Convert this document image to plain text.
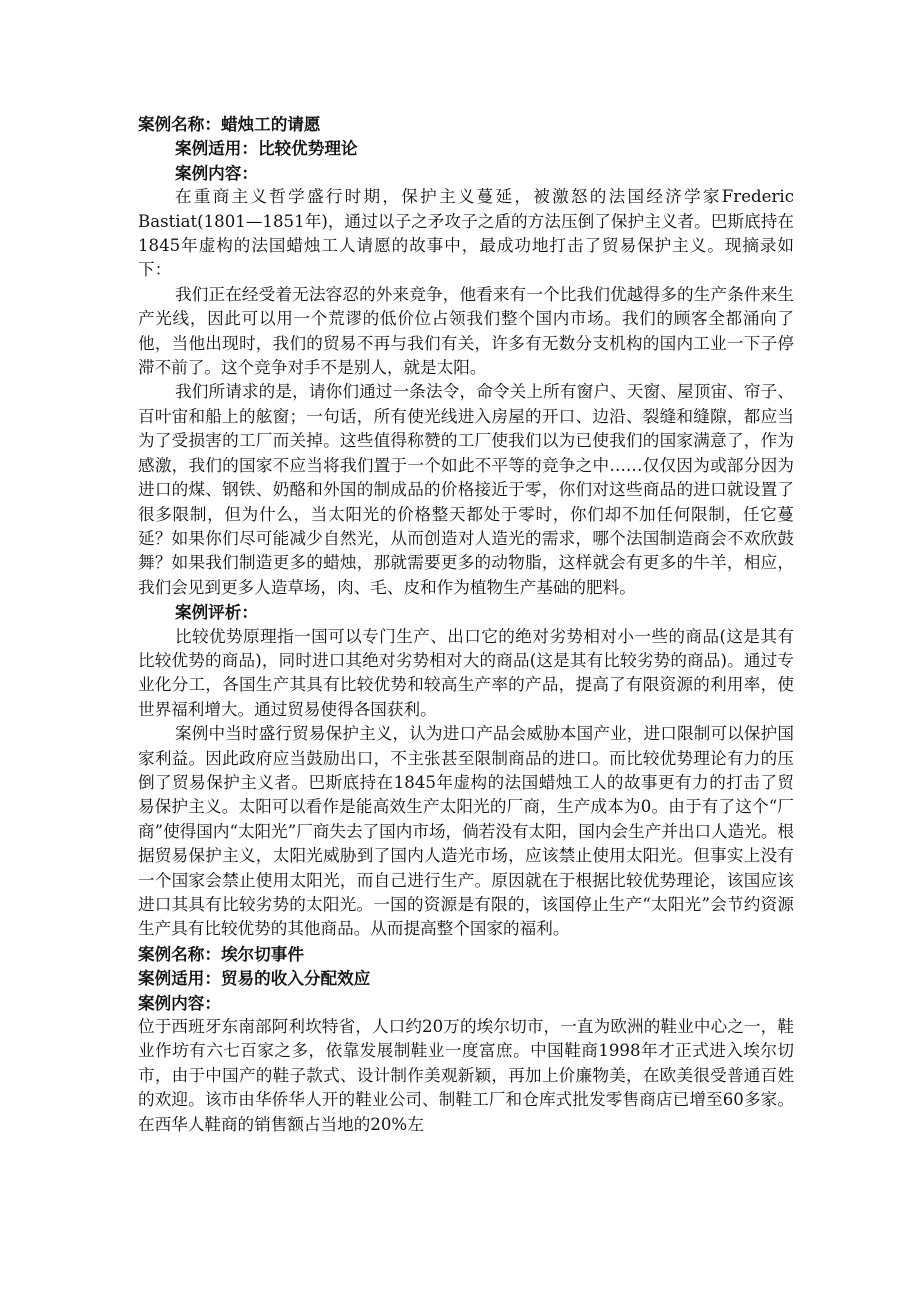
案例名称：蜡烛工的请愿
案例适用：比较优势理论
案例内容：

在重商主义哲学盛行时期，保护主义蔓延，被激怒的法国经济学家Frederic Bastiat(1801—1851年)，通过以子之矛攻子之盾的方法压倒了保护主义者。巴斯底持在1845年虚构的法国蜡烛工人请愿的故事中，最成功地打击了贸易保护主义。现摘录如下：

我们正在经受着无法容忍的外来竞争，他看来有一个比我们优越得多的生产条件来生产光线，因此可以用一个荒谬的低价位占领我们整个国内市场。我们的顾客全都涌向了他，当他出现时，我们的贸易不再与我们有关，许多有无数分支机构的国内工业一下子停滞不前了。这个竞争对手不是别人，就是太阳。

我们所请求的是，请你们通过一条法令，命令关上所有窗户、天窗、屋顶宙、帘子、百叶宙和船上的舷窗；一句话，所有使光线进入房屋的开口、边沿、裂缝和缝隙，都应当为了受损害的工厂而关掉。这些值得称赞的工厂使我们以为已使我们的国家满意了，作为感激，我们的国家不应当将我们置于一个如此不平等的竞争之中……仅仅因为或部分因为进口的煤、钢铁、奶酪和外国的制成品的价格接近于零，你们对这些商品的进口就设置了很多限制，但为什么，当太阳光的价格整天都处于零时，你们却不加任何限制，任它蔓延？如果你们尽可能减少自然光，从而创造对人造光的需求，哪个法国制造商会不欢欣鼓舞？如果我们制造更多的蜡烛，那就需要更多的动物脂，这样就会有更多的牛羊，相应，我们会见到更多人造草场，肉、毛、皮和作为植物生产基础的肥料。

案例评析：

比较优势原理指一国可以专门生产、出口它的绝对劣势相对小一些的商品(这是其有比较优势的商品)，同时进口其绝对劣势相对大的商品(这是其有比较劣势的商品)。通过专业化分工，各国生产其具有比较优势和较高生产率的产品，提高了有限资源的利用率，使世界福利增大。通过贸易使得各国获利。

案例中当时盛行贸易保护主义，认为进口产品会威胁本国产业，进口限制可以保护国家利益。因此政府应当鼓励出口，不主张甚至限制商品的进口。而比较优势理论有力的压倒了贸易保护主义者。巴斯底持在1845年虚构的法国蜡烛工人的故事更有力的打击了贸易保护主义。太阳可以看作是能高效生产太阳光的厂商，生产成本为0。由于有了这个“厂商”使得国内“太阳光”厂商失去了国内市场，倘若没有太阳，国内会生产并出口人造光。根据贸易保护主义，太阳光威胁到了国内人造光市场，应该禁止使用太阳光。但事实上没有一个国家会禁止使用太阳光，而自己进行生产。原因就在于根据比较优势理论，该国应该进口其具有比较劣势的太阳光。一国的资源是有限的，该国停止生产“太阳光”会节约资源生产具有比较优势的其他商品。从而提高整个国家的福利。

案例名称：埃尔切事件
案例适用：贸易的收入分配效应
案例内容：

位于西班牙东南部阿利坎特省，人口约20万的埃尔切市，一直为欧洲的鞋业中心之一，鞋业作坊有六七百家之多，依靠发展制鞋业一度富庶。中国鞋商1998年才正式进入埃尔切市，由于中国产的鞋子款式、设计制作美观新颖，再加上价廉物美，在欧美很受普通百姓的欢迎。该市由华侨华人开的鞋业公司、制鞋工厂和仓库式批发零售商店已增至60多家。在西华人鞋商的销售额占当地的20%左
